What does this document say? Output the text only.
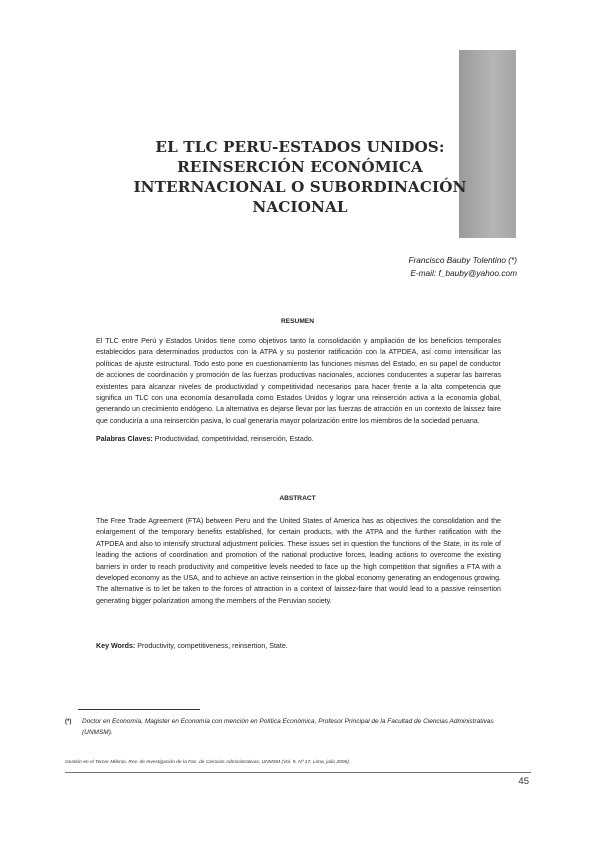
EL TLC PERU-ESTADOS UNIDOS:
REINSERCIÓN ECONÓMICA
INTERNACIONAL O SUBORDINACIÓN
NACIONAL
Francisco Bauby Tolentino (*)
E-mail: f_bauby@yahoo.com
RESUMEN

El TLC entre Perú y Estados Unidos tiene como objetivos tanto la consolidación y ampliación de los beneficios temporales establecidos para determinados productos con la ATPA y su posterior ratificación con la ATPDEA, así como intensificar las políticas de ajuste estructural. Todo esto pone en cuestionamiento las funciones mismas del Estado, en su papel de conductor de acciones de coordinación y promoción de las fuerzas productivas nacionales, acciones conducentes a superar las barreras existentes para alcanzar niveles de productividad y competitividad necesarios para hacer frente a la alta competencia que significa un TLC con una economía desarrollada como Estados Unidos y lograr una reinserción activa a la economía global, generando un crecimiento endógeno. La alternativa es dejarse llevar por las fuerzas de atracción en un contexto de laissez faire que conduciría a una reinserción pasiva, lo cual generaría mayor polarización entre los miembros de la sociedad peruana.

Palabras Claves: Productividad, competitividad, reinserción, Estado.
ABSTRACT

The Free Trade Agreement (FTA) between Peru and the United States of America has as objectives the consolidation and the enlargement of the temporary benefits established, for certain products, with the ATPA and the further ratification with the ATPDEA and also to intensify structural adjustment policies. These issues set in question the functions of the State, in its role of leading the actions of coordination and promotion of the national productive forces, leading actions to overcome the existing barriers in order to reach productivity and competitive levels needed to face up the high competition that signifies a FTA with a developed economy as the USA, and to achieve an active reinsertion in the global economy generating an endogenous growing. The alternative is to let be taken to the forces of attraction in a context of laissez-faire that would lead to a passive reinsertion generating bigger polarization among the members of the Peruvian society.

Key Words: Productivity, competitiveness, reinsertion, State.
(*) Doctor en Economía, Magister en Economía con mención en Política Económica, Profesor Principal de la Facultad de Ciencias Administrativas (UNMSM).
Gestión en el Tercer Milenio, Rev. de Investigación de la Fac. de Ciencias Administrativas, UNMSM (Vol. 9, Nº 17, Lima, julio 2006).
45
